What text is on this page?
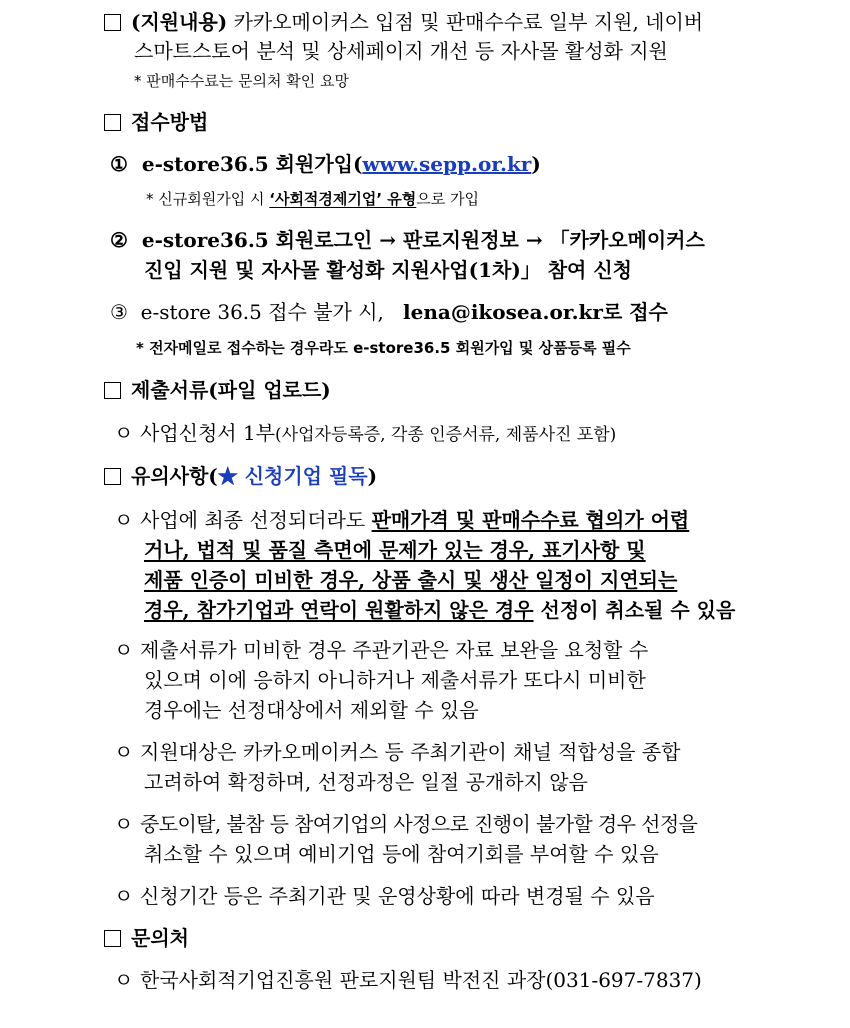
(지원내용) 카카오메이커스 입점 및 판매수수료 일부 지원, 네이버
스마트스토어 분석 및 상세페이지 개선 등 자사몰 활성화 지원
* 판매수수료는 문의처 확인 요망
접수방법
① e-store36.5 회원가입(www.sepp.or.kr)
* 신규회원가입 시 ‘사회적경제기업’ 유형으로 가입
② e-store36.5 회원로그인 → 판로지원정보 → 「카카오메이커스
진입 지원 및 자사몰 활성화 지원사업(1차)」 참여 신청
③ e-store 36.5 접수 불가 시, lena@ikosea.or.kr로 접수
* 전자메일로 접수하는 경우라도 e-store36.5 회원가입 및 상품등록 필수
제출서류(파일 업로드)
ㅇ 사업신청서 1부(사업자등록증, 각종 인증서류, 제품사진 포함)
유의사항(★ 신청기업 필독)
ㅇ 사업에 최종 선정되더라도 판매가격 및 판매수수료 협의가 어렵
거나, 법적 및 품질 측면에 문제가 있는 경우, 표기사항 및
제품 인증이 미비한 경우, 상품 출시 및 생산 일정이 지연되는
경우, 참가기업과 연락이 원활하지 않은 경우 선정이 취소될 수 있음
ㅇ 제출서류가 미비한 경우 주관기관은 자료 보완을 요청할 수
있으며 이에 응하지 아니하거나 제출서류가 또다시 미비한
경우에는 선정대상에서 제외할 수 있음
ㅇ 지원대상은 카카오메이커스 등 주최기관이 채널 적합성을 종합
고려하여 확정하며, 선정과정은 일절 공개하지 않음
ㅇ 중도이탈, 불참 등 참여기업의 사정으로 진행이 불가할 경우 선정을
취소할 수 있으며 예비기업 등에 참여기회를 부여할 수 있음
ㅇ 신청기간 등은 주최기관 및 운영상황에 따라 변경될 수 있음
문의처
ㅇ 한국사회적기업진흥원 판로지원팀 박전진 과장(031-697-7837)
